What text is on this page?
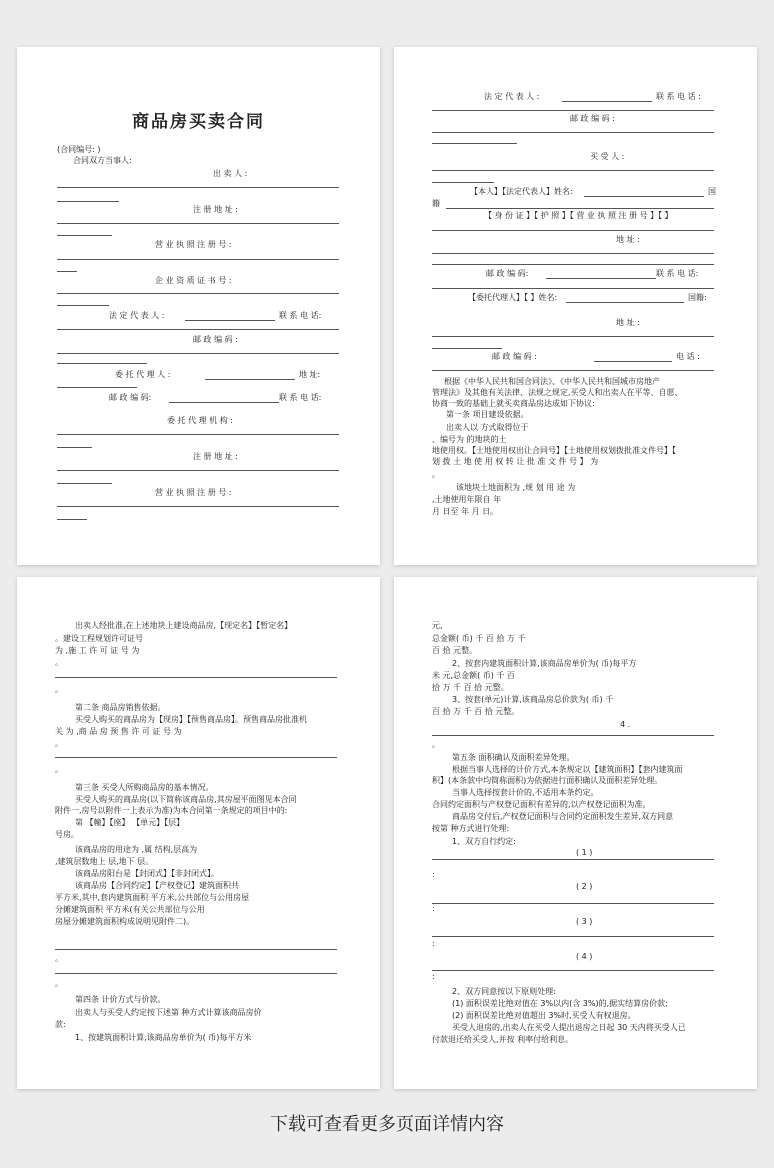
商品房买卖合同
(合同编号: )
合同双方当事人:
出 卖 人 :
注 册 地 址 :
营 业 执 照 注 册 号 :
企 业 资 质 证 书 号 :
法 定 代 表 人 :	联 系 电 话:
邮 政 编 码 :
委 托 代 理 人 :	地 址:
邮 政 编 码:	联 系 电 话:
委 托 代 理 机 构 :
注 册 地 址 :
营 业 执 照 注 册 号 :
法 定 代 表 人 :	联 系 电 话 :
邮 政 编 码 :
买 受 人 :
【本人】【法定代表人】姓名:	国
籍
【 身 份 证 】【 护 照 】【 营 业 执 照 注 册 号 】【 】
地 址 :
邮 政 编 码:	联 系 电 话:
【委托代理人】【 】姓名:	国籍:
地 址 :
邮 政 编 码 :	电 话 :
根据《中华人民共和国合同法》、《中华人民共和国城市房地产
管理法》及其他有关法律、法规之规定,买受人和出卖人在平等、自愿、
协商一致的基础上就买卖商品房达成如下协议:
第一条 项目建设依据。
出卖人以 方式取得位于
、编号为 的地块的土
地使用权。【土地使用权出让合同号】【土地使用权划拨批准文件号】【
划 拨 土 地 使 用 权 转 让 批 准 文 件 号 】 为
。
该地块土地面积为 ,规 划 用 途 为
,土地使用年限自 年
月 日至 年 月 日。
出卖人经批准,在上述地块上建设商品房,【现定名】【暂定名】
。建设工程规划许可证号
为 ,施 工 许 可 证 号 为
。
。
第二条 商品房销售依据。
买受人购买的商品房为【现房】【预售商品房】。预售商品房批准机
关 为 ,商 品 房 预 售 许 可 证 号 为
。
。
第三条 买受人所购商品房的基本情况。
买受人购买的商品房(以下简称该商品房,其房屋平面图见本合同
附件一,房号以附件一上表示为准)为本合同第一条规定的项目中的:
第 【幢】【座】 【单元】【层】
号房。
该商品房的用途为 ,属 结构,层高为
,建筑层数地上 层,地下 层。
该商品房阳台是【封闭式】【非封闭式】。
该商品房【合同约定】【产权登记】建筑面积共
平方米,其中,套内建筑面积 平方米,公共部位与公用房屋
分摊建筑面积 平方米(有关公共部位与公用
房屋分摊建筑面积构成说明见附件二)。
。
。
第四条 计价方式与价款。
出卖人与买受人约定按下述第 种方式计算该商品房价
款:
1、按建筑面积计算,该商品房单价为( 币)每平方米
元,
总金额( 币) 千 百 拾 万 千
百 拾 元整。
2、按套内建筑面积计算,该商品房单价为( 币)每平方
米 元,总金额( 币) 千 百
拾 万 千 百 拾 元整。
3、按套(单元)计算,该商品房总价款为( 币) 千
百 拾 万 千 百 拾 元整。
4 .
。
第五条 面积确认及面积差异处理。
根据当事人选择的计价方式,本条规定以【建筑面积】【套内建筑面
积】(本条款中均简称面积)为依据进行面积确认及面积差异处理。
当事人选择按套计价的,不适用本条约定。
合同约定面积与产权登记面积有差异的,以产权登记面积为准。
商品房交付后,产权登记面积与合同约定面积发生差异,双方同意
按第 种方式进行处理:
1、双方自行约定:
( 1 )
:
( 2 )
:
( 3 )
:
( 4 )
:
2、双方同意按以下原则处理:
(1) 面积误差比绝对值在 3%以内(含 3%)的,据实结算房价款;
(2) 面积误差比绝对值超出 3%时,买受人有权退房。
买受人退房的,出卖人在买受人提出退房之日起 30 天内将买受人已
付款退还给买受人,并按 利率付给利息。
下载可查看更多页面详情内容
